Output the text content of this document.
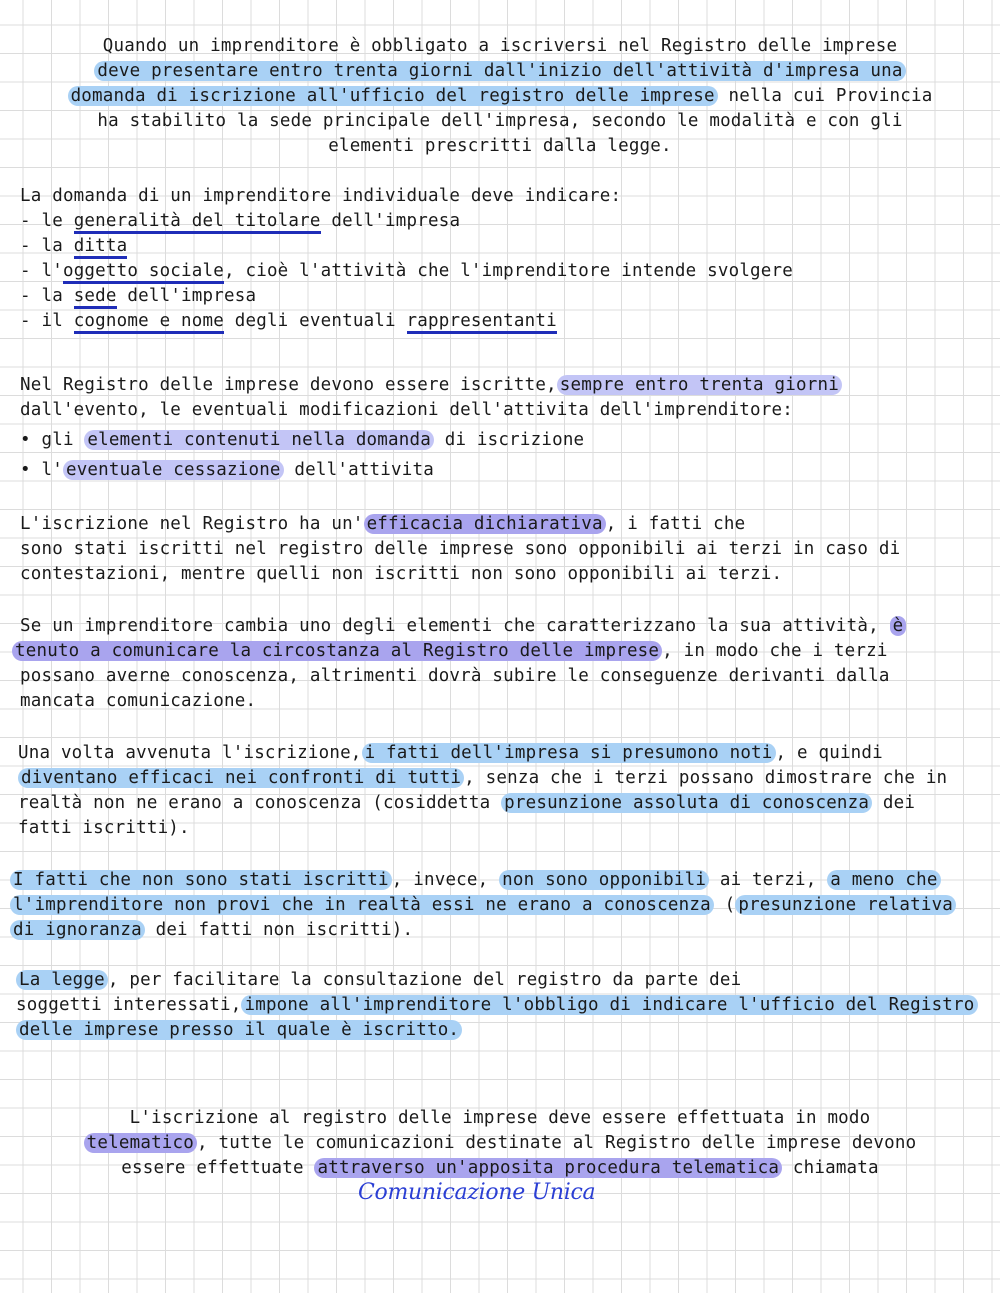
Quando un imprenditore è obbligato a iscriversi nel Registro delle imprese
deve presentare entro trenta giorni dall'inizio dell'attività d'impresa una
domanda di iscrizione all'ufficio del registro delle imprese nella cui Provincia
ha stabilito la sede principale dell'impresa, secondo le modalità e con gli
elementi prescritti dalla legge.
La domanda di un imprenditore individuale deve indicare:
- le generalità del titolare dell'impresa
- la ditta
- l'oggetto sociale, cioè l'attività che l'imprenditore intende svolgere
- la sede dell'impresa
- il cognome e nome degli eventuali rappresentanti
Nel Registro delle imprese devono essere iscritte, sempre entro trenta giorni
dall'evento, le eventuali modificazioni dell'attivita dell'imprenditore:
• gli elementi contenuti nella domanda di iscrizione
• l' eventuale cessazione dell'attivita
L'iscrizione nel Registro ha un' efficacia dichiarativa , i fatti che
sono stati iscritti nel registro delle imprese sono opponibili ai terzi in caso di
contestazioni, mentre quelli non iscritti non sono opponibili ai terzi.
Se un imprenditore cambia uno degli elementi che caratterizzano la sua attività, è
tenuto a comunicare la circostanza al Registro delle imprese , in modo che i terzi
possano averne conoscenza, altrimenti dovrà subire le conseguenze derivanti dalla
mancata comunicazione.
Una volta avvenuta l'iscrizione, i fatti dell'impresa si presumono noti , e quindi
diventano efficaci nei confronti di tutti , senza che i terzi possano dimostrare che in
realtà non ne erano a conoscenza (cosiddetta presunzione assoluta di conoscenza dei
fatti iscritti).
I fatti che non sono stati iscritti , invece, non sono opponibili ai terzi, a meno che
l'imprenditore non provi che in realtà essi ne erano a conoscenza ( presunzione relativa
di ignoranza dei fatti non iscritti).
La legge , per facilitare la consultazione del registro da parte dei
soggetti interessati, impone all'imprenditore l'obbligo di indicare l'ufficio del Registro
delle imprese presso il quale è iscritto.
L'iscrizione al registro delle imprese deve essere effettuata in modo
telematico , tutte le comunicazioni destinate al Registro delle imprese devono
essere effettuate attraverso un'apposita procedura telematica chiamata
Comunicazione Unica
